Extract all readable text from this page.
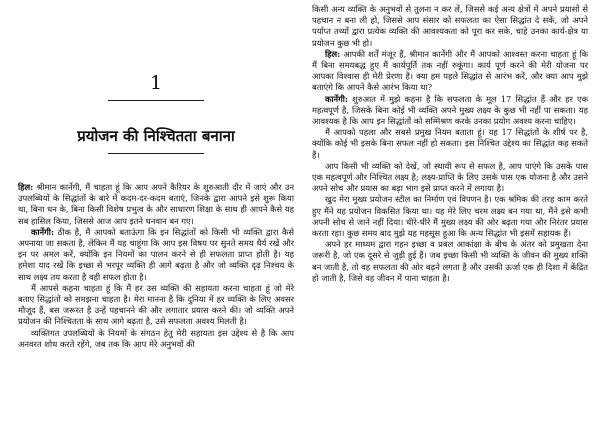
1
प्रयोजन की निश्चितता बनाना

हिल: श्रीमान कार्नेगी, मैं चाहता हूं कि आप अपने कैरियर के शुरुआती दौर में जाएं और उन उपलब्धियों के सिद्धांतों के बारे में कदम-दर-कदम बताएं, जिनके द्वारा आपने इसे शुरू किया था, बिना धन के, बिना किसी विशेष प्रभुत्व के और साधारण शिक्षा के साथ ही आपने कैसे यह सब हासिल किया, जिससे आज आप इतने धनवान बन गए।

कार्नेगी: ठीक है, मैं आपको बताऊंगा कि इन सिद्धांतों को किसी भी व्यक्ति द्वारा कैसे अपनाया जा सकता है, लेकिन मैं यह चाहूंगा कि आप इस विषय पर सुनते समय धैर्य रखें और इन पर अमल करें, क्योंकि इन नियमों का पालन करने से ही सफलता प्राप्त होती है। यह हमेशा याद रखें कि इच्छा से भरपूर व्यक्ति ही आगे बढ़ता है और जो व्यक्ति दृढ़ निश्चय के साथ लक्ष्य तय करता है वही सफल होता है।

मैं आपसे कहना चाहता हूं कि मैं हर उस व्यक्ति की सहायता करना चाहता हूं जो मेरे बताए सिद्धांतों को समझना चाहता है। मेरा मानना है कि दुनिया में हर व्यक्ति के लिए अवसर मौजूद हैं, बस जरूरत है उन्हें पहचानने की और लगातार प्रयास करने की। जो व्यक्ति अपने प्रयोजन की निश्चितता के साथ आगे बढ़ता है, उसे सफलता अवश्य मिलती है।

व्यक्तिगत उपलब्धियों के नियमों के संगठन हेतु मेरी सहायता इस उद्देश्य से है कि आप अनवरत शोध करते रहेंगे, जब तक कि आप मेरे अनुभवों की

किसी अन्य व्यक्ति के अनुभवों से तुलना न कर लें, जिससे कई अन्य क्षेत्रों में अपने प्रयासों से पहचान न बना ली हो, जिससे आप संसार को सफलता का ऐसा सिद्धांत दे सकें, जो अपने पर्याप्त तथ्यों द्वारा प्रत्येक व्यक्ति की आवश्यकता को पूरा कर सके, चाहे उनका कार्य-क्षेत्र या प्रयोजन कुछ भी हो।

हिल: आपकी शर्तें मंजूर हैं, श्रीमान कार्नेगी और मैं आपको आश्वस्त करना चाहता हूं कि मैं बिना समयबद्ध हुए मैं कार्यपूर्ति तक नहीं रुकूंगा। कार्य पूर्ण करने की मेरी योजना पर आपका विश्वास ही मेरी प्रेरणा है। क्या हम पहले सिद्धांत से आरंभ करें, और क्या आप मुझे बताएंगे कि आपने कैसे आरंभ किया था?

कार्नेगी: शुरुआत में मुझे कहना है कि सफलता के मूल 17 सिद्धांत हैं और हर एक महत्वपूर्ण है, जिसके बिना कोई भी व्यक्ति अपने मुख्य लक्ष्य के कुछ भी नहीं पा सकता। यह आवश्यक है कि आप इन सिद्धांतों को सम्मिश्रण करके उनका प्रयोग अवश्य करना चाहिए।

मैं आपको पहला और सबसे प्रमुख नियम बताता हूं। यह 17 सिद्धांतों के शीर्ष पर है, क्योंकि कोई भी इसके बिना सफल नहीं हो सकता। इस निश्चित उद्देश्य का सिद्धांत कह सकते हैं।

आप किसी भी व्यक्ति को देखें, जो स्थायी रूप से सफल है, आप पाएंगे कि उसके पास एक महत्वपूर्ण और निश्चित लक्ष्य है; लक्ष्य-प्राप्ति के लिए उसके पास एक योजना है और उसने अपने सोच और प्रयास का बड़ा भाग इसे प्राप्त करने में लगाया है।

खुद मेरा मुख्य प्रयोजन स्टील का निर्माण एवं विपणन है। एक श्रमिक की तरह काम करते हुए मैंने यह प्रयोजन विकसित किया था। यह मेरे लिए चरम लक्ष्य बन गया था, मैंने इसे कभी अपनी सोच से जाने नहीं दिया। धीरे-धीरे मैं मुख्य लक्ष्य की ओर बढ़ता गया और निरंतर प्रयास करता रहा। कुछ समय बाद मुझे यह महसूस हुआ कि अन्य सिद्धांत भी इसमें सहायक हैं।

अपने हर माध्यम द्वारा गहन इच्छा व प्रबल आकांक्षा के बीच के अंतर को प्रमुखता देना जरूरी है, जो एक दूसरे से जुड़ी हुई हैं। जब इच्छा किसी भी व्यक्ति के जीवन की मुख्य शक्ति बन जाती है, तो वह सफलता की ओर बढ़ने लगता है और उसकी ऊर्जा एक ही दिशा में केंद्रित हो जाती है, जिसे वह जीवन में पाना चाहता है।
